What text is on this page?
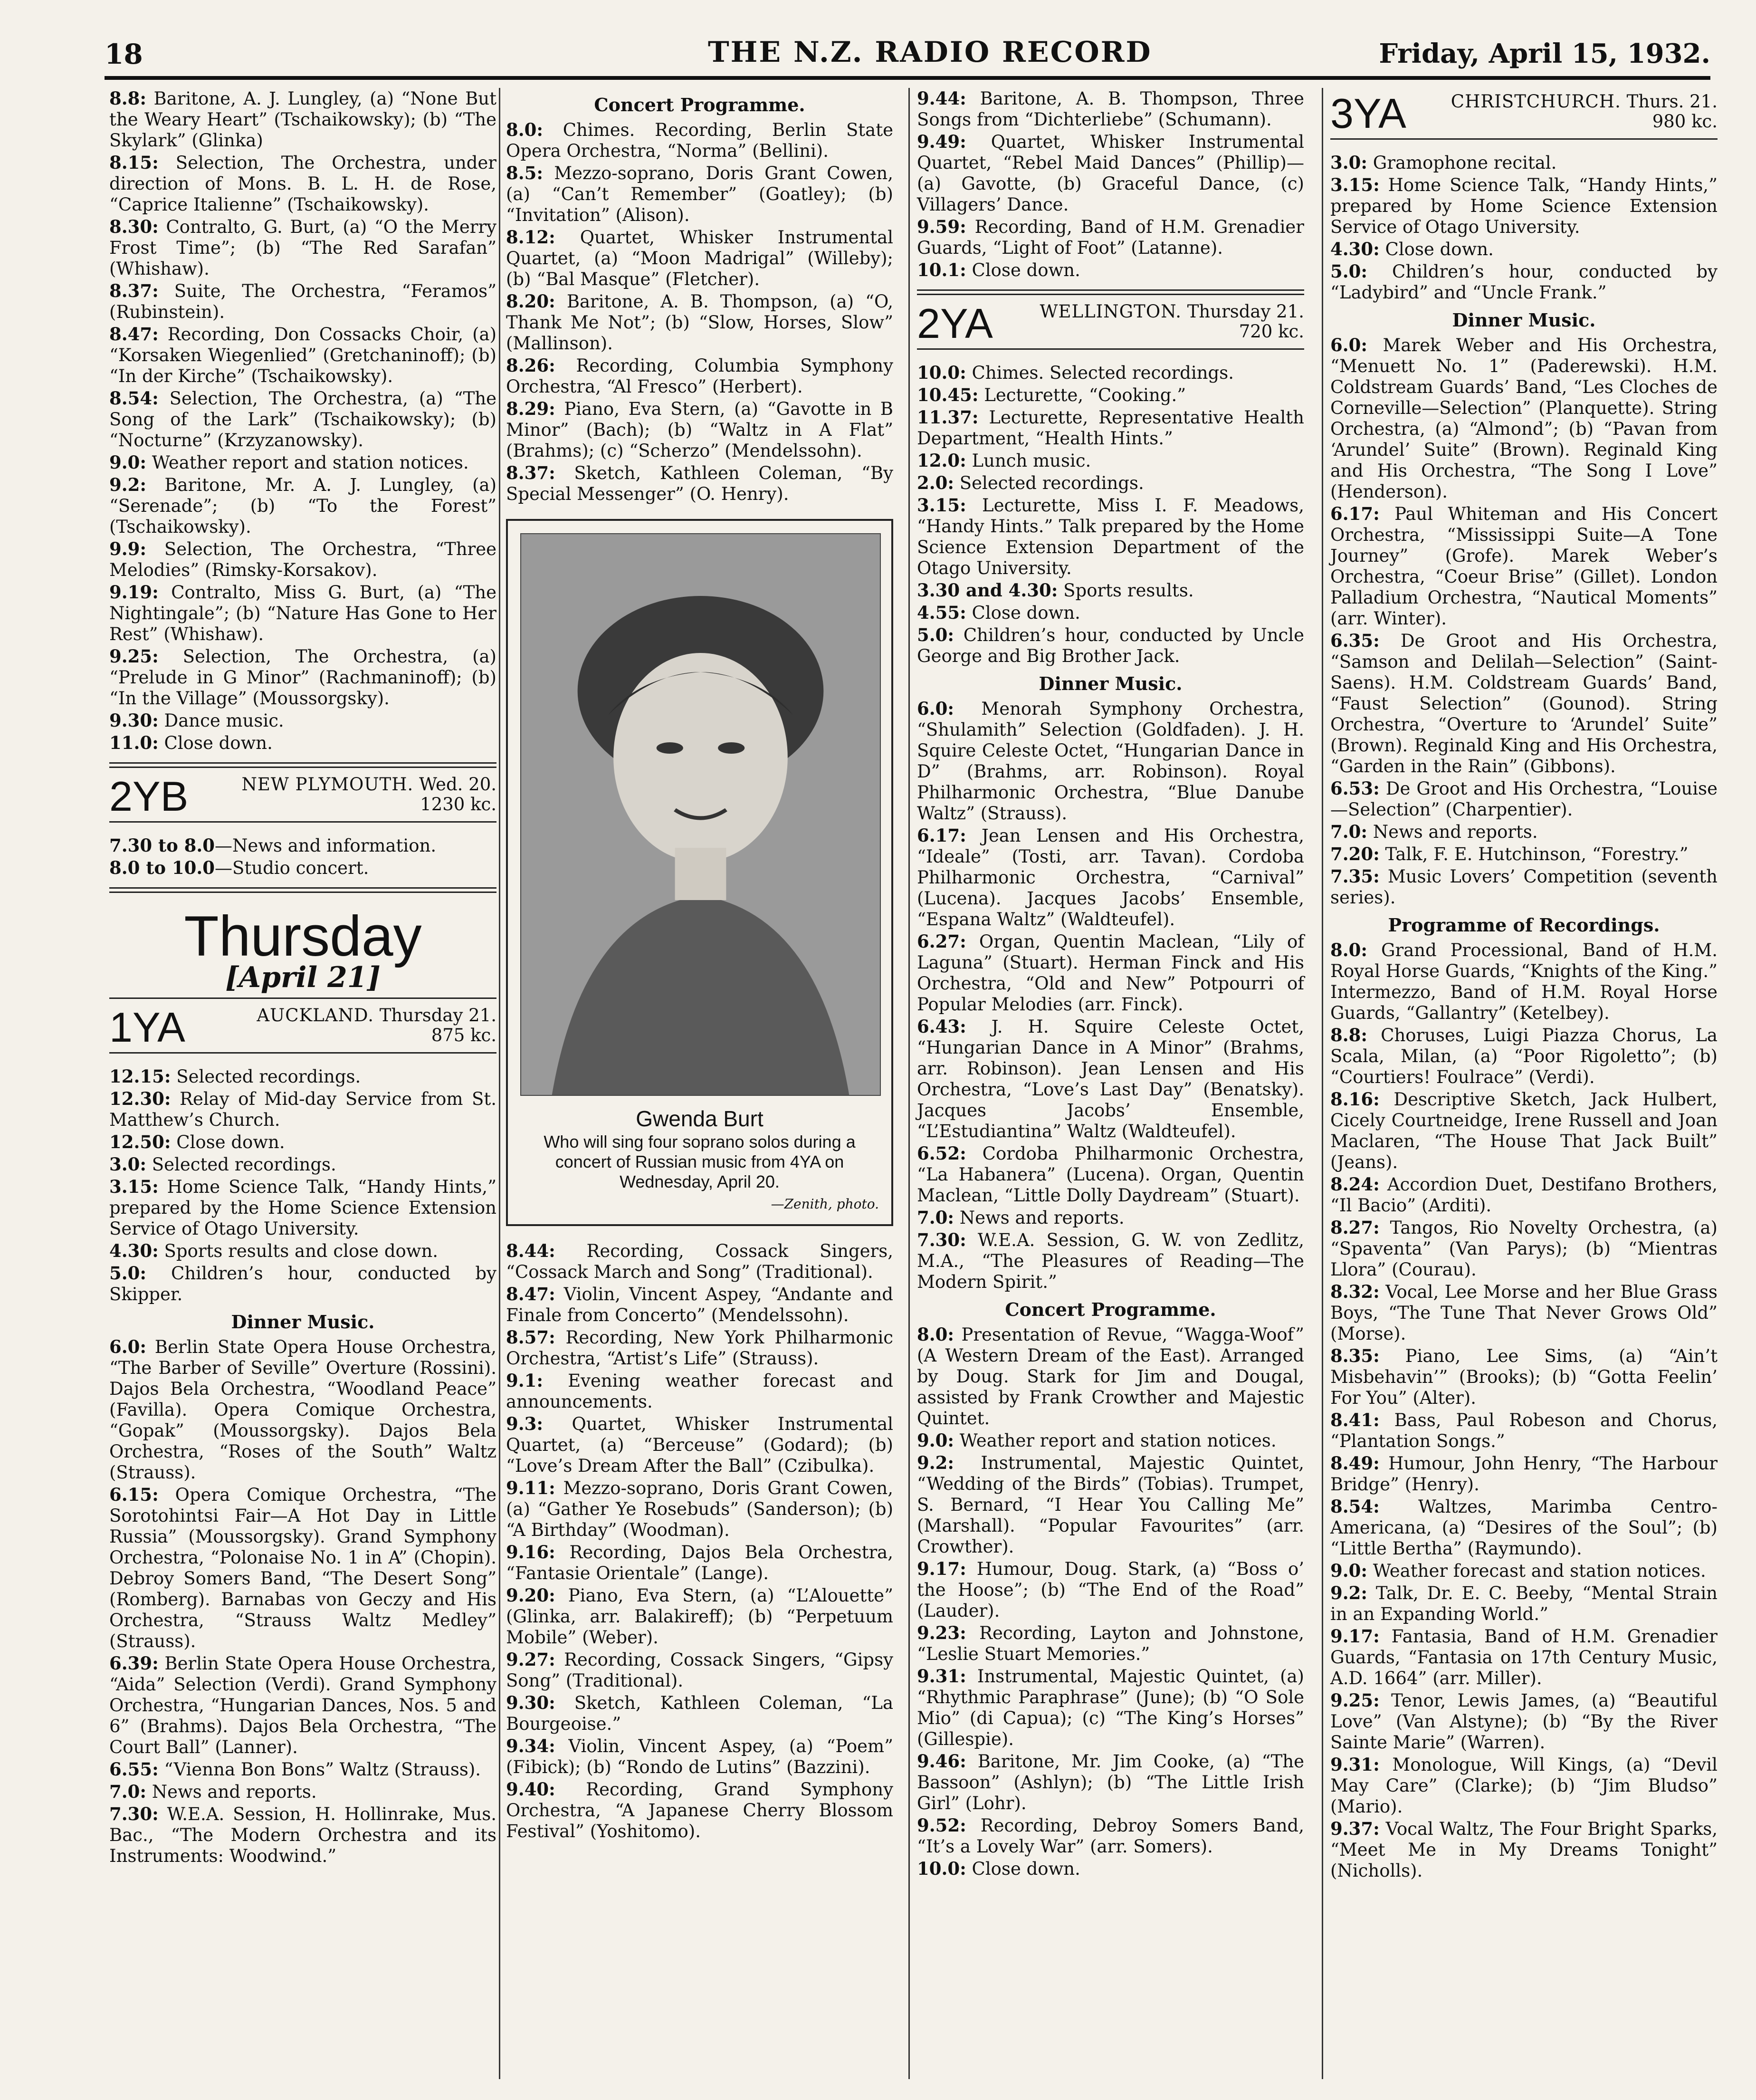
18	THE N.Z. RADIO RECORD	Friday, April 15, 1932.

8.8: Baritone, A. J. Lungley, (a) “None But the Weary Heart” (Tschaikowsky); (b) “The Skylark” (Glinka)

8.15: Selection, The Orchestra, under direction of Mons. B. L. H. de Rose, “Caprice Italienne” (Tschaikowsky).

8.30: Contralto, G. Burt, (a) “O the Merry Frost Time”; (b) “The Red Sarafan” (Whishaw).

8.37: Suite, The Orchestra, “Feramos” (Rubinstein).

8.47: Recording, Don Cossacks Choir, (a) “Korsaken Wiegenlied” (Gretchaninoff); (b) “In der Kirche” (Tschaikowsky).

8.54: Selection, The Orchestra, (a) “The Song of the Lark” (Tschaikowsky); (b) “Nocturne” (Krzyzanowsky).

9.0: Weather report and station notices.

9.2: Baritone, Mr. A. J. Lungley, (a) “Serenade”; (b) “To the Forest” (Tschaikowsky).

9.9: Selection, The Orchestra, “Three Melodies” (Rimsky-Korsakov).

9.19: Contralto, Miss G. Burt, (a) “The Nightingale”; (b) “Nature Has Gone to Her Rest” (Whishaw).

9.25: Selection, The Orchestra, (a) “Prelude in G Minor” (Rachmaninoff); (b) “In the Village” (Moussorgsky).

9.30: Dance music.

11.0: Close down.

2YB	NEW PLYMOUTH. Wed. 20.
1230 kc.

7.30 to 8.0—News and information.

8.0 to 10.0—Studio concert.

Thursday
[April 21]
1YA	AUCKLAND. Thursday 21.
875 kc.

12.15: Selected recordings.

12.30: Relay of Mid-day Service from St. Matthew’s Church.

12.50: Close down.

3.0: Selected recordings.

3.15: Home Science Talk, “Handy Hints,” prepared by the Home Science Extension Service of Otago University.

4.30: Sports results and close down.

5.0: Children’s hour, conducted by Skipper.

Dinner Music.

6.0: Berlin State Opera House Orchestra, “The Barber of Seville” Overture (Rossini). Dajos Bela Orchestra, “Woodland Peace” (Favilla). Opera Comique Orchestra, “Gopak” (Moussorgsky). Dajos Bela Orchestra, “Roses of the South” Waltz (Strauss).

6.15: Opera Comique Orchestra, “The Sorotohintsi Fair—A Hot Day in Little Russia” (Moussorgsky). Grand Symphony Orchestra, “Polonaise No. 1 in A” (Chopin). Debroy Somers Band, “The Desert Song” (Romberg). Barnabas von Geczy and His Orchestra, “Strauss Waltz Medley” (Strauss).

6.39: Berlin State Opera House Orchestra, “Aida” Selection (Verdi). Grand Symphony Orchestra, “Hungarian Dances, Nos. 5 and 6” (Brahms). Dajos Bela Orchestra, “The Court Ball” (Lanner).

6.55: “Vienna Bon Bons” Waltz (Strauss).

7.0: News and reports.

7.30: W.E.A. Session, H. Hollinrake, Mus. Bac., “The Modern Orchestra and its Instruments: Woodwind.”

Concert Programme.

8.0: Chimes. Recording, Berlin State Opera Orchestra, “Norma” (Bellini).

8.5: Mezzo-soprano, Doris Grant Cowen, (a) “Can’t Remember” (Goatley); (b) “Invitation” (Alison).

8.12: Quartet, Whisker Instrumental Quartet, (a) “Moon Madrigal” (Willeby); (b) “Bal Masque” (Fletcher).

8.20: Baritone, A. B. Thompson, (a) “O, Thank Me Not”; (b) “Slow, Horses, Slow” (Mallinson).

8.26: Recording, Columbia Symphony Orchestra, “Al Fresco” (Herbert).

8.29: Piano, Eva Stern, (a) “Gavotte in B Minor” (Bach); (b) “Waltz in A Flat” (Brahms); (c) “Scherzo” (Mendelssohn).

8.37: Sketch, Kathleen Coleman, “By Special Messenger” (O. Henry).

Gwenda Burt
Who will sing four soprano solos during a concert of Russian music from 4YA on Wednesday, April 20.
—Zenith, photo.

8.44: Recording, Cossack Singers, “Cossack March and Song” (Traditional).

8.47: Violin, Vincent Aspey, “Andante and Finale from Concerto” (Mendelssohn).

8.57: Recording, New York Philharmonic Orchestra, “Artist’s Life” (Strauss).

9.1: Evening weather forecast and announcements.

9.3: Quartet, Whisker Instrumental Quartet, (a) “Berceuse” (Godard); (b) “Love’s Dream After the Ball” (Czibulka).

9.11: Mezzo-soprano, Doris Grant Cowen, (a) “Gather Ye Rosebuds” (Sanderson); (b) “A Birthday” (Woodman).

9.16: Recording, Dajos Bela Orchestra, “Fantasie Orientale” (Lange).

9.20: Piano, Eva Stern, (a) “L’Alouette” (Glinka, arr. Balakireff); (b) “Perpetuum Mobile” (Weber).

9.27: Recording, Cossack Singers, “Gipsy Song” (Traditional).

9.30: Sketch, Kathleen Coleman, “La Bourgeoise.”

9.34: Violin, Vincent Aspey, (a) “Poem” (Fibick); (b) “Rondo de Lutins” (Bazzini).

9.40: Recording, Grand Symphony Orchestra, “A Japanese Cherry Blossom Festival” (Yoshitomo).

9.44: Baritone, A. B. Thompson, Three Songs from “Dichterliebe” (Schumann).

9.49: Quartet, Whisker Instrumental Quartet, “Rebel Maid Dances” (Phillip)—(a) Gavotte, (b) Graceful Dance, (c) Villagers’ Dance.

9.59: Recording, Band of H.M. Grenadier Guards, “Light of Foot” (Latanne).

10.1: Close down.

2YA	WELLINGTON. Thursday 21.
720 kc.

10.0: Chimes. Selected recordings.

10.45: Lecturette, “Cooking.”

11.37: Lecturette, Representative Health Department, “Health Hints.”

12.0: Lunch music.

2.0: Selected recordings.

3.15: Lecturette, Miss I. F. Meadows, “Handy Hints.” Talk prepared by the Home Science Extension Department of the Otago University.

3.30 and 4.30: Sports results.

4.55: Close down.

5.0: Children’s hour, conducted by Uncle George and Big Brother Jack.

Dinner Music.

6.0: Menorah Symphony Orchestra, “Shulamith” Selection (Goldfaden). J. H. Squire Celeste Octet, “Hungarian Dance in D” (Brahms, arr. Robinson). Royal Philharmonic Orchestra, “Blue Danube Waltz” (Strauss).

6.17: Jean Lensen and His Orchestra, “Ideale” (Tosti, arr. Tavan). Cordoba Philharmonic Orchestra, “Carnival” (Lucena). Jacques Jacobs’ Ensemble, “Espana Waltz” (Waldteufel).

6.27: Organ, Quentin Maclean, “Lily of Laguna” (Stuart). Herman Finck and His Orchestra, “Old and New” Potpourri of Popular Melodies (arr. Finck).

6.43: J. H. Squire Celeste Octet, “Hungarian Dance in A Minor” (Brahms, arr. Robinson). Jean Lensen and His Orchestra, “Love’s Last Day” (Benatsky). Jacques Jacobs’ Ensemble, “L’Estudiantina” Waltz (Waldteufel).

6.52: Cordoba Philharmonic Orchestra, “La Habanera” (Lucena). Organ, Quentin Maclean, “Little Dolly Daydream” (Stuart).

7.0: News and reports.

7.30: W.E.A. Session, G. W. von Zedlitz, M.A., “The Pleasures of Reading—The Modern Spirit.”

Concert Programme.

8.0: Presentation of Revue, “Wagga-Woof” (A Western Dream of the East). Arranged by Doug. Stark for Jim and Dougal, assisted by Frank Crowther and Majestic Quintet.

9.0: Weather report and station notices.

9.2: Instrumental, Majestic Quintet, “Wedding of the Birds” (Tobias). Trumpet, S. Bernard, “I Hear You Calling Me” (Marshall). “Popular Favourites” (arr. Crowther).

9.17: Humour, Doug. Stark, (a) “Boss o’ the Hoose”; (b) “The End of the Road” (Lauder).

9.23: Recording, Layton and Johnstone, “Leslie Stuart Memories.”

9.31: Instrumental, Majestic Quintet, (a) “Rhythmic Paraphrase” (June); (b) “O Sole Mio” (di Capua); (c) “The King’s Horses” (Gillespie).

9.46: Baritone, Mr. Jim Cooke, (a) “The Bassoon” (Ashlyn); (b) “The Little Irish Girl” (Lohr).

9.52: Recording, Debroy Somers Band, “It’s a Lovely War” (arr. Somers).

10.0: Close down.

3YA	CHRISTCHURCH. Thurs. 21.
980 kc.

3.0: Gramophone recital.

3.15: Home Science Talk, “Handy Hints,” prepared by Home Science Extension Service of Otago University.

4.30: Close down.

5.0: Children’s hour, conducted by “Ladybird” and “Uncle Frank.”

Dinner Music.

6.0: Marek Weber and His Orchestra, “Menuett No. 1” (Paderewski). H.M. Coldstream Guards’ Band, “Les Cloches de Corneville—Selection” (Planquette). String Orchestra, (a) “Almond”; (b) “Pavan from ‘Arundel’ Suite” (Brown). Reginald King and His Orchestra, “The Song I Love” (Henderson).

6.17: Paul Whiteman and His Concert Orchestra, “Mississippi Suite—A Tone Journey” (Grofe). Marek Weber’s Orchestra, “Coeur Brise” (Gillet). London Palladium Orchestra, “Nautical Moments” (arr. Winter).

6.35: De Groot and His Orchestra, “Samson and Delilah—Selection” (Saint-Saens). H.M. Coldstream Guards’ Band, “Faust Selection” (Gounod). String Orchestra, “Overture to ‘Arundel’ Suite” (Brown). Reginald King and His Orchestra, “Garden in the Rain” (Gibbons).

6.53: De Groot and His Orchestra, “Louise—Selection” (Charpentier).

7.0: News and reports.

7.20: Talk, F. E. Hutchinson, “Forestry.”

7.35: Music Lovers’ Competition (seventh series).

Programme of Recordings.

8.0: Grand Processional, Band of H.M. Royal Horse Guards, “Knights of the King.” Intermezzo, Band of H.M. Royal Horse Guards, “Gallantry” (Ketelbey).

8.8: Choruses, Luigi Piazza Chorus, La Scala, Milan, (a) “Poor Rigoletto”; (b) “Courtiers! Foulrace” (Verdi).

8.16: Descriptive Sketch, Jack Hulbert, Cicely Courtneidge, Irene Russell and Joan Maclaren, “The House That Jack Built” (Jeans).

8.24: Accordion Duet, Destifano Brothers, “Il Bacio” (Arditi).

8.27: Tangos, Rio Novelty Orchestra, (a) “Spaventa” (Van Parys); (b) “Mientras Llora” (Courau).

8.32: Vocal, Lee Morse and her Blue Grass Boys, “The Tune That Never Grows Old” (Morse).

8.35: Piano, Lee Sims, (a) “Ain’t Misbehavin’” (Brooks); (b) “Gotta Feelin’ For You” (Alter).

8.41: Bass, Paul Robeson and Chorus, “Plantation Songs.”

8.49: Humour, John Henry, “The Harbour Bridge” (Henry).

8.54: Waltzes, Marimba Centro-Americana, (a) “Desires of the Soul”; (b) “Little Bertha” (Raymundo).

9.0: Weather forecast and station notices.

9.2: Talk, Dr. E. C. Beeby, “Mental Strain in an Expanding World.”

9.17: Fantasia, Band of H.M. Grenadier Guards, “Fantasia on 17th Century Music, A.D. 1664” (arr. Miller).

9.25: Tenor, Lewis James, (a) “Beautiful Love” (Van Alstyne); (b) “By the River Sainte Marie” (Warren).

9.31: Monologue, Will Kings, (a) “Devil May Care” (Clarke); (b) “Jim Bludso” (Mario).

9.37: Vocal Waltz, The Four Bright Sparks, “Meet Me in My Dreams Tonight” (Nicholls).
